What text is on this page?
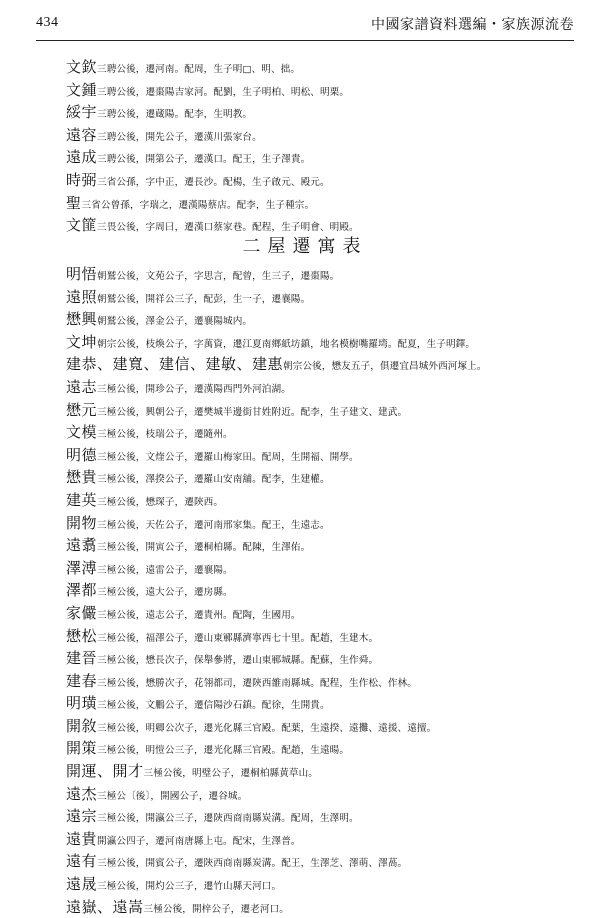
434	中國家譜資料選編・家族源流卷
文欽三聘公後，遷河南。配周，生子明□、明、拙。
文鍾三聘公後，遷棗陽吉家河。配劉，生子明柏、明松、明栗。
綏宇三聘公後，遷蔵陽。配李，生明教。
遠容三聘公後，開先公子，遷漢川張家台。
遠成三聘公後，開第公子，遷漢口。配王，生子澤貴。
時弼三省公孫，字中正，遷長沙。配楊，生子啟元、殿元。
聖三省公曾孫，字瑞之，遷漢陽蔡店。配李，生子種宗。
文篚三畏公後，字周曰，遷漢口蔡家巷。配程，生子明會、明殿。
二屋遷寓表
明悟朝鷲公後，文苑公子，字思言，配曾，生三子，遷棗陽。
遠照朝鷲公後，開祥公三子，配彭，生一子，遷襄陽。
懋興朝鷲公後，澤金公子，遷襄陽城内。
文坤朝宗公後，枝煥公子，字萬資，遷江夏南鄉紙坊鎮，地名模樹嘴羅塆。配夏，生子明鐸。
建恭、建寬、建信、建敏、建惠朝宗公後，懋友五子，俱遷宜昌城外西河塚上。
遠志三極公後，開珍公子，遷漢陽西門外河泊湖。
懋元三極公後，興朝公子，遷樊城半邊街甘姓附近。配李，生子建文、建武。
文模三極公後，枝瑞公子，遷隨州。
明德三極公後，文煃公子，遷羅山梅家田。配周，生開福、開學。
懋貴三極公後，澤揆公子，遷羅山安南舖。配李，生建權。
建英三極公後，懋琛子，遷陝西。
開物三極公後，天佐公子，遷河南邢家集。配王，生遠志。
遠翥三極公後，開寅公子，遷桐柏縣。配陳，生澤佑。
澤溥三極公後，遠雷公子，遷襄陽。
澤都三極公後，遠大公子，遷房縣。
家儼三極公後，遠志公子，遷貴州。配陶，生國用。
懋松三極公後，福澤公子，遷山東鄆縣濟寧西七十里。配趙，生建木。
建晉三極公後，懋長次子，保舉參將，遷山東鄆城縣。配蘇，生作舜。
建春三極公後，懋勝次子，花翎都司，遷陝西雒南縣城。配程，生作松、作林。
明璜三極公後，文鵬公子，遷信陽沙石鎮。配徐，生開貴。
開敘三極公後，明卿公次子，遷光化縣三官殿。配葉，生遠揆、遠攤、遠援、遠擅。
開策三極公後，明愷公三子，遷光化縣三官殿。配趙，生遠暘。
開運、開才三極公後，明璧公子，遷桐柏縣黄草山。
遠杰三極公〔後〕，開國公子，遷谷城。
遠宗三極公後，開瀛公三子，遷陝西商南縣炭溝。配周，生澤明。
遠貴開瀛公四子，遷河南唐縣上屯。配宋，生澤普。
遠有三極公後，開賓公子，遷陝西商南縣炭溝。配王，生澤芝、澤萌、澤萵。
遠晟三極公後，開灼公三子，遷竹山縣天河口。
遠嶽、遠嵩三極公後，開梓公子，遷老河口。
